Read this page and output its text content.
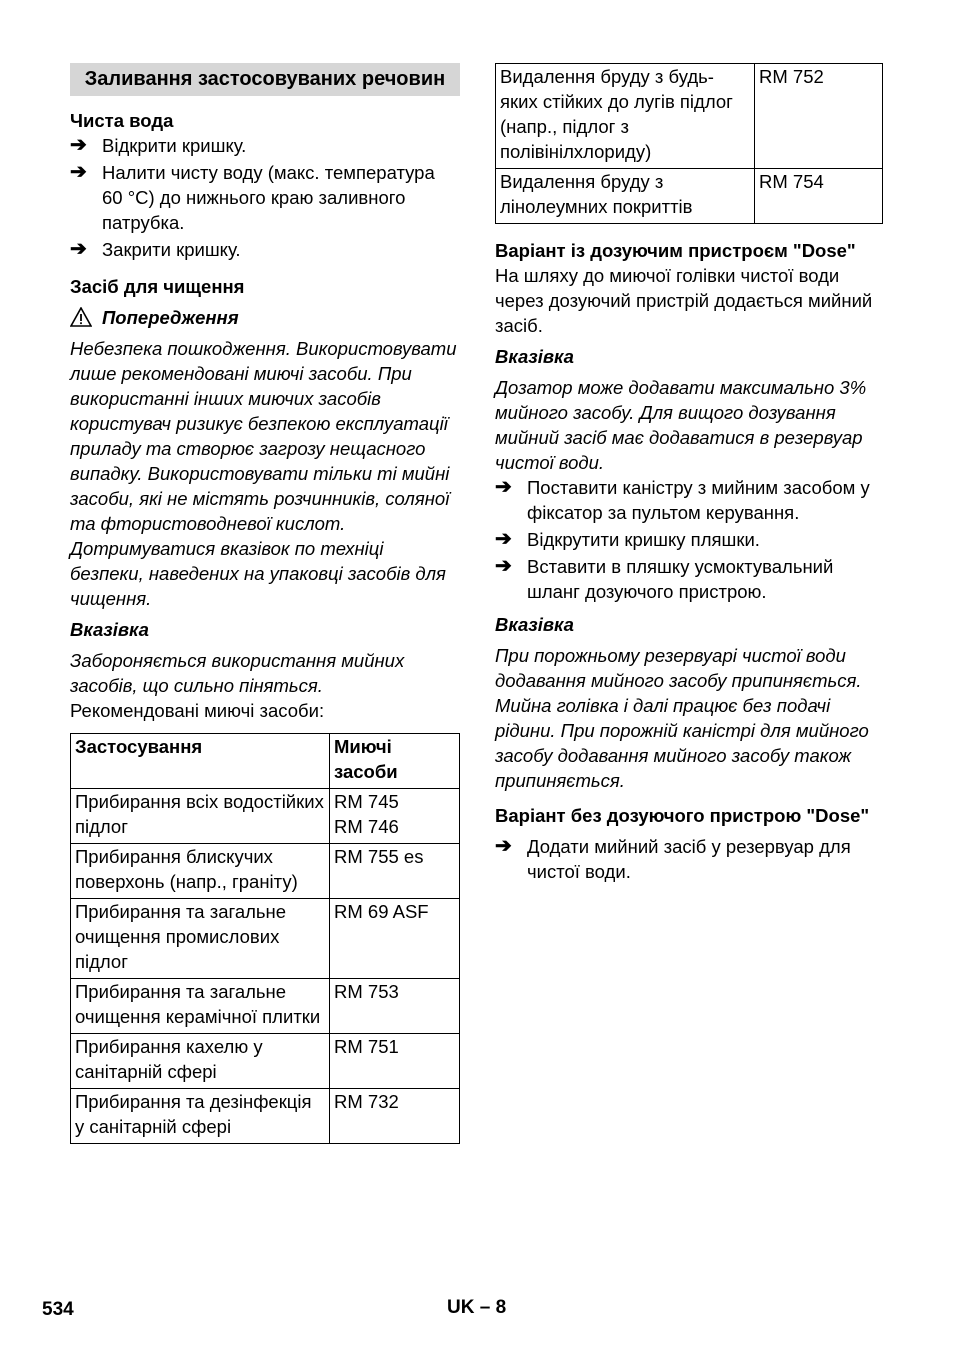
Заливання застосовуваних речовин

Чиста вода

➔ Відкрити кришку.
➔ Налити чисту воду (макс. температура 60 °C) до нижнього краю заливного патрубка.
➔ Закрити кришку.

Засіб для чищення

Попередження

Небезпека пошкодження. Використовувати лише рекомендовані миючі засоби. При використанні інших миючих засобів користувач ризикує безпекою експлуатації приладу та створює загрозу нещасного випадку. Використовувати тільки ті мийні засоби, які не містять розчинників, соляної та фтористоводневої кислот. Дотримуватися вказівок по техніці безпеки, наведених на упаковці засобів для чищення.

Вказівка

Забороняється використання мийних засобів, що сильно піняться.

Рекомендовані миючі засоби:

Застосування	Миючі засоби
Прибирання всіх водостійких підлог	RM 745
RM 746
Прибирання блискучих поверхонь (напр., граніту)	RM 755 es
Прибирання та загальне очищення промислових підлог	RM 69 ASF
Прибирання та загальне очищення керамічної плитки	RM 753
Прибирання кахелю у санітарній сфері	RM 751
Прибирання та дезінфекція у санітарній сфері	RM 732
Видалення бруду з будь-яких стійких до лугів підлог (напр., підлог з полівінілхлориду)	RM 752
Видалення бруду з лінолеумних покриттів	RM 754

Варіант із дозуючим пристроєм "Dose"

На шляху до миючої голівки чистої води через дозуючий пристрій додається мийний засіб.

Вказівка

Дозатор може додавати максимально 3% мийного засобу. Для вищого дозування мийний засіб має додаватися в резервуар чистої води.

➔ Поставити каністру з мийним засобом у фіксатор за пультом керування.
➔ Відкрутити кришку пляшки.
➔ Вставити в пляшку усмоктувальний шланг дозуючого пристрою.

Вказівка

При порожньому резервуарі чистої води додавання мийного засобу припиняється. Мийна голівка і далі працює без подачі рідини. При порожній каністрі для мийного засобу додавання мийного засобу також припиняється.

Варіант без дозуючого пристрою "Dose"

➔ Додати мийний засіб у резервуар для чистої води.
534	UK – 8
